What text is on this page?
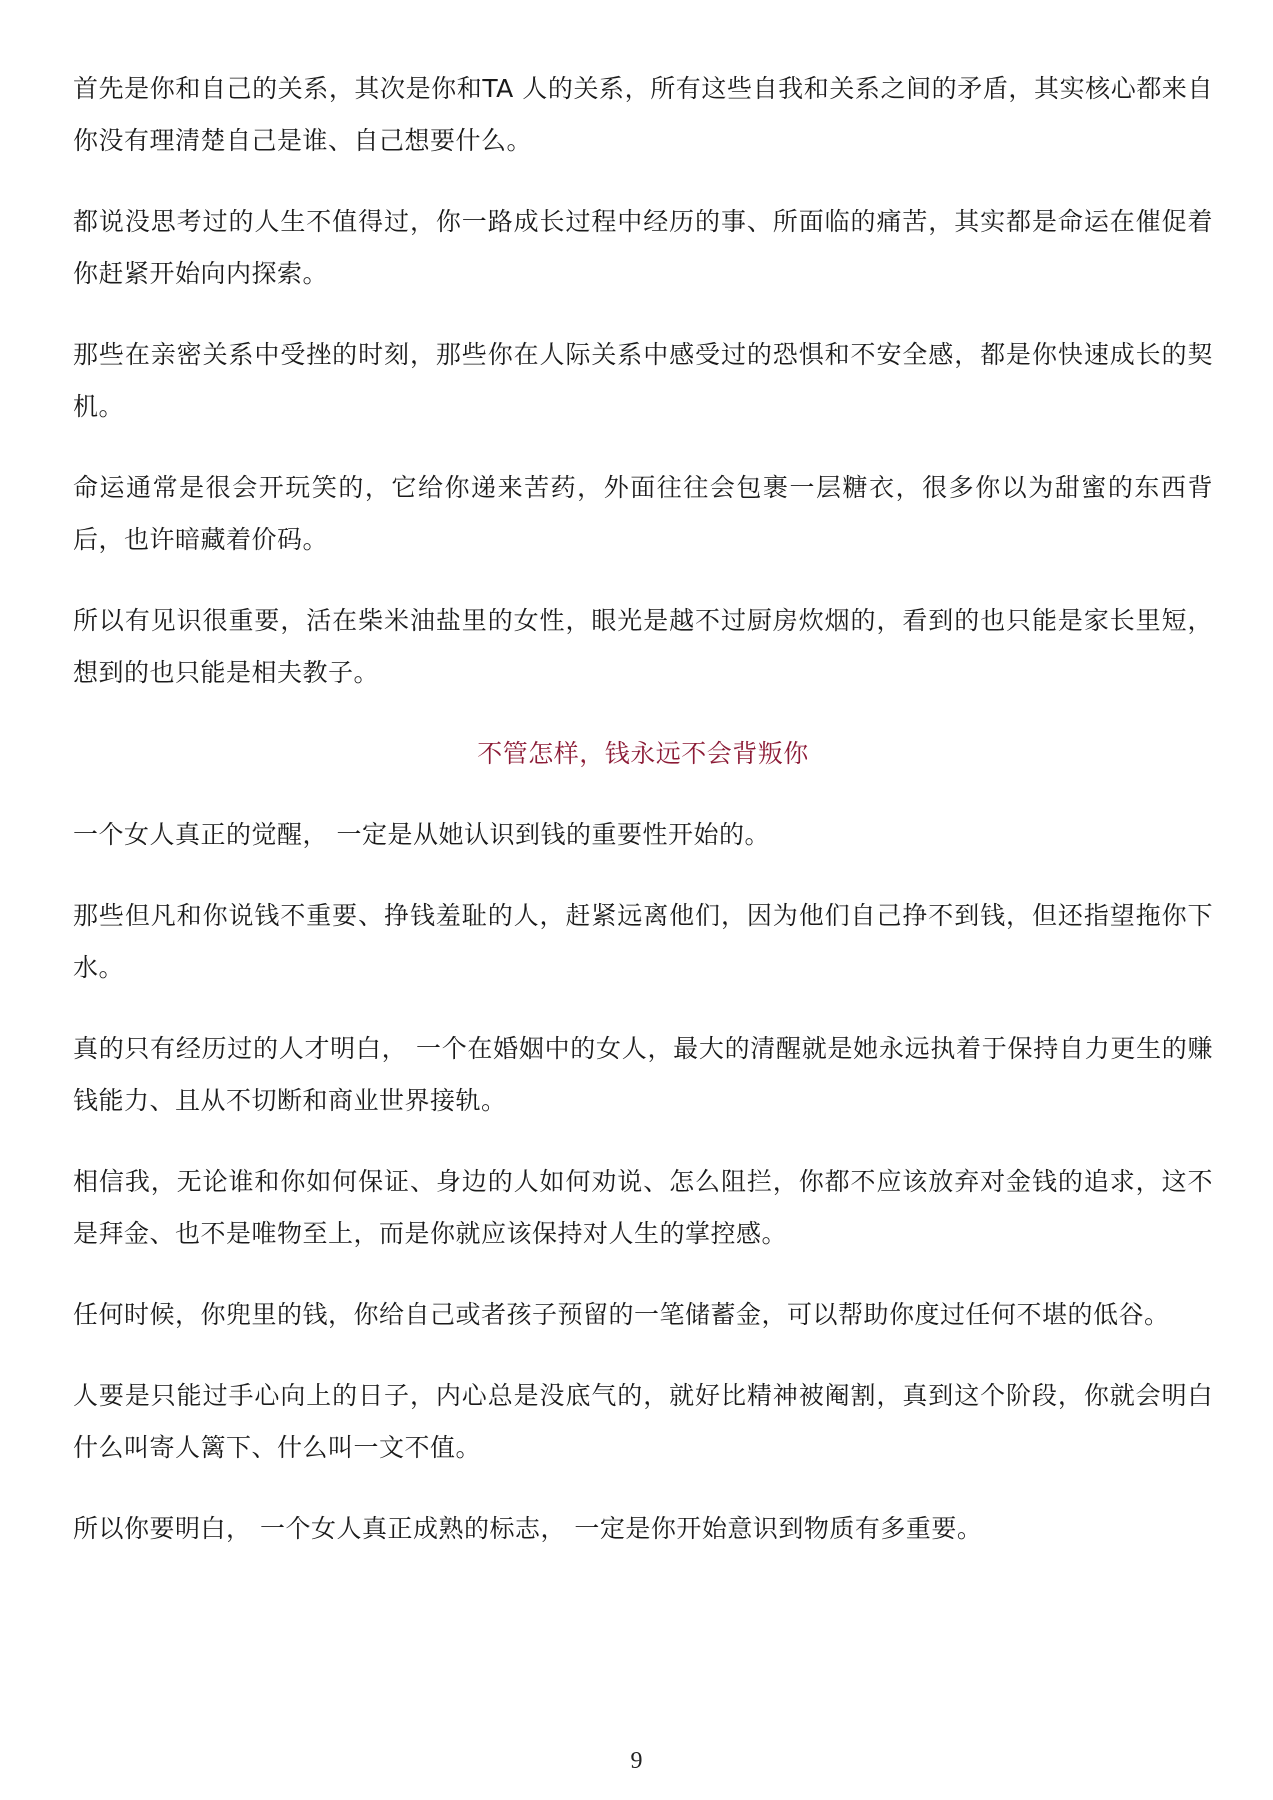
首先是你和自己的关系，其次是你和TA 人的关系，所有这些自我和关系之间的矛盾，其实核心都来自你没有理清楚自己是谁、自己想要什么。

都说没思考过的人生不值得过，你一路成长过程中经历的事、所面临的痛苦，其实都是命运在催促着你赶紧开始向内探索。

那些在亲密关系中受挫的时刻，那些你在人际关系中感受过的恐惧和不安全感，都是你快速成长的契机。

命运通常是很会开玩笑的，它给你递来苦药，外面往往会包裹一层糖衣，很多你以为甜蜜的东西背后，也许暗藏着价码。

所以有见识很重要，活在柴米油盐里的女性，眼光是越不过厨房炊烟的，看到的也只能是家长里短，想到的也只能是相夫教子。

不管怎样，钱永远不会背叛你

一个女人真正的觉醒， 一定是从她认识到钱的重要性开始的。

那些但凡和你说钱不重要、挣钱羞耻的人，赶紧远离他们，因为他们自己挣不到钱，但还指望拖你下水。

真的只有经历过的人才明白， 一个在婚姻中的女人，最大的清醒就是她永远执着于保持自力更生的赚钱能力、且从不切断和商业世界接轨。

相信我，无论谁和你如何保证、身边的人如何劝说、怎么阻拦，你都不应该放弃对金钱的追求，这不是拜金、也不是唯物至上，而是你就应该保持对人生的掌控感。

任何时候，你兜里的钱，你给自己或者孩子预留的一笔储蓄金，可以帮助你度过任何不堪的低谷。

人要是只能过手心向上的日子，内心总是没底气的，就好比精神被阉割，真到这个阶段，你就会明白什么叫寄人篱下、什么叫一文不值。

所以你要明白， 一个女人真正成熟的标志， 一定是你开始意识到物质有多重要。

9
